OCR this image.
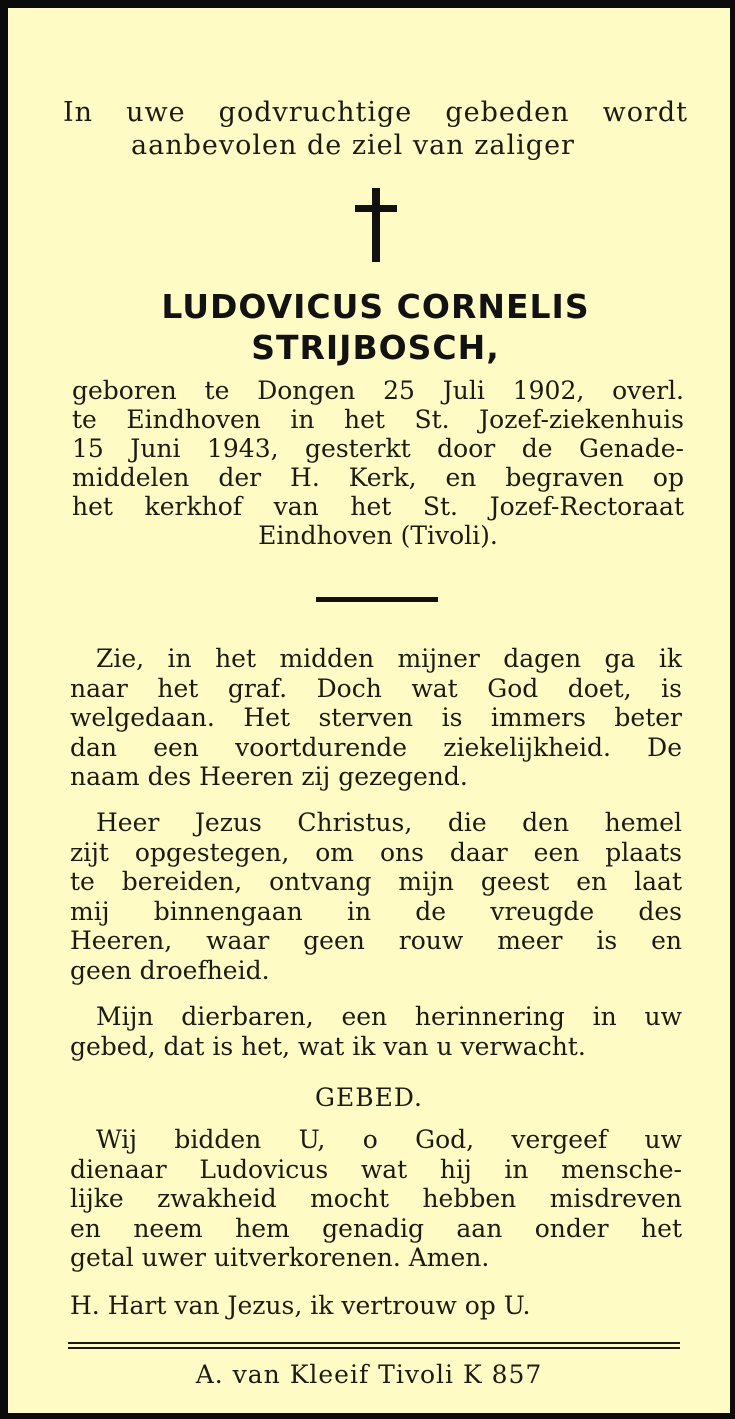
In uwe godvruchtige gebeden wordt
aanbevolen de ziel van zaliger
LUDOVICUS CORNELIS
STRIJBOSCH,
geboren te Dongen 25 Juli 1902, overl.
te Eindhoven in het St. Jozef-ziekenhuis
15 Juni 1943, gesterkt door de Genade-
middelen der H. Kerk, en begraven op
het kerkhof van het St. Jozef-Rectoraat
Eindhoven (Tivoli).
Zie, in het midden mijner dagen ga ik
naar het graf. Doch wat God doet, is
welgedaan. Het sterven is immers beter
dan een voortdurende ziekelijkheid. De
naam des Heeren zij gezegend.
Heer Jezus Christus, die den hemel
zijt opgestegen, om ons daar een plaats
te bereiden, ontvang mijn geest en laat
mij binnengaan in de vreugde des
Heeren, waar geen rouw meer is en
geen droefheid.
Mijn dierbaren, een herinnering in uw
gebed, dat is het, wat ik van u verwacht.
GEBED.
Wij bidden U, o God, vergeef uw
dienaar Ludovicus wat hij in mensche-
lijke zwakheid mocht hebben misdreven
en neem hem genadig aan onder het
getal uwer uitverkorenen. Amen.
H. Hart van Jezus, ik vertrouw op U.
A. van Kleeif Tivoli K 857
